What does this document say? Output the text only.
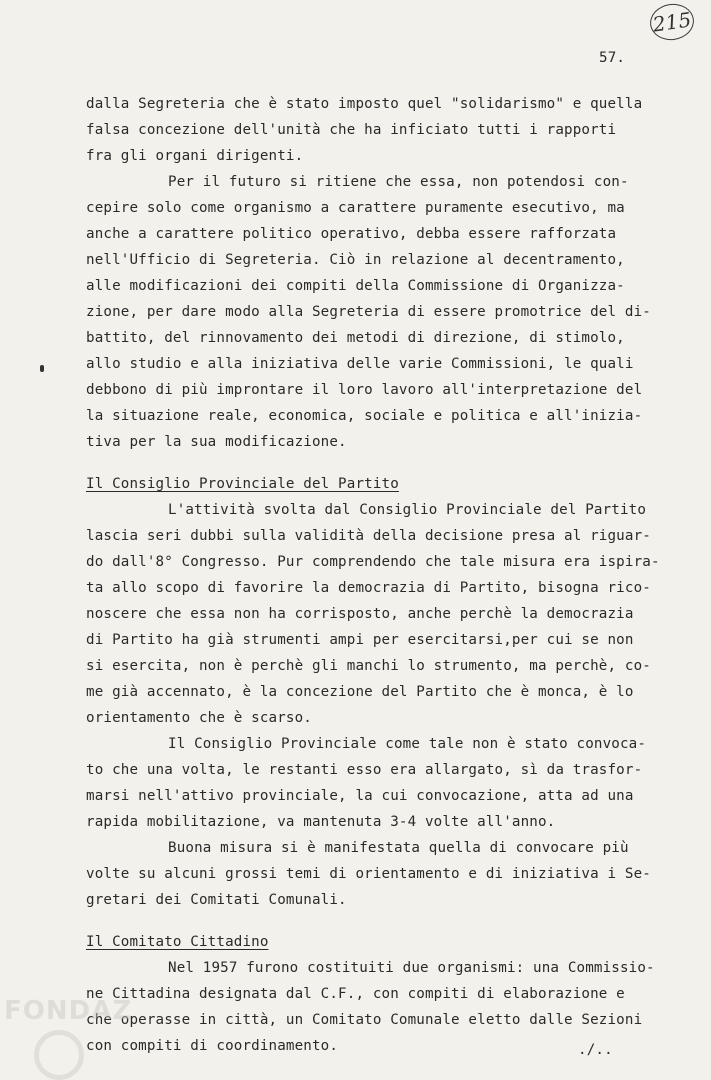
215
57.
dalla Segreteria che è stato imposto quel "solidarismo" e quella
falsa concezione dell'unità che ha inficiato tutti i rapporti
fra gli organi dirigenti.
Per il futuro si ritiene che essa, non potendosi con-
cepire solo come organismo a carattere puramente esecutivo, ma
anche a carattere politico operativo, debba essere rafforzata
nell'Ufficio di Segreteria. Ciò in relazione al decentramento,
alle modificazioni dei compiti della Commissione di Organizza-
zione, per dare modo alla Segreteria di essere promotrice del di-
battito, del rinnovamento dei metodi di direzione, di stimolo,
allo studio e alla iniziativa delle varie Commissioni, le quali
debbono di più improntare il loro lavoro all'interpretazione del
la situazione reale, economica, sociale e politica e all'inizia-
tiva per la sua modificazione.
Il Consiglio Provinciale del Partito
L'attività svolta dal Consiglio Provinciale del Partito
lascia seri dubbi sulla validità della decisione presa al riguar-
do dall'8° Congresso. Pur comprendendo che tale misura era ispira-
ta allo scopo di favorire la democrazia di Partito, bisogna rico-
noscere che essa non ha corrisposto, anche perchè la democrazia
di Partito ha già strumenti ampi per esercitarsi,per cui se non
si esercita, non è perchè gli manchi lo strumento, ma perchè, co-
me già accennato, è la concezione del Partito che è monca, è lo
orientamento che è scarso.
Il Consiglio Provinciale come tale non è stato convoca-
to che una volta, le restanti esso era allargato, sì da trasfor-
marsi nell'attivo provinciale, la cui convocazione, atta ad una
rapida mobilitazione, va mantenuta 3-4 volte all'anno.
Buona misura si è manifestata quella di convocare più
volte su alcuni grossi temi di orientamento e di iniziativa i Se-
gretari dei Comitati Comunali.
Il Comitato Cittadino
Nel 1957 furono costituiti due organismi: una Commissio-
ne Cittadina designata dal C.F., con compiti di elaborazione e
che operasse in città, un Comitato Comunale eletto dalle Sezioni
con compiti di coordinamento.	./..
FONDAZ
